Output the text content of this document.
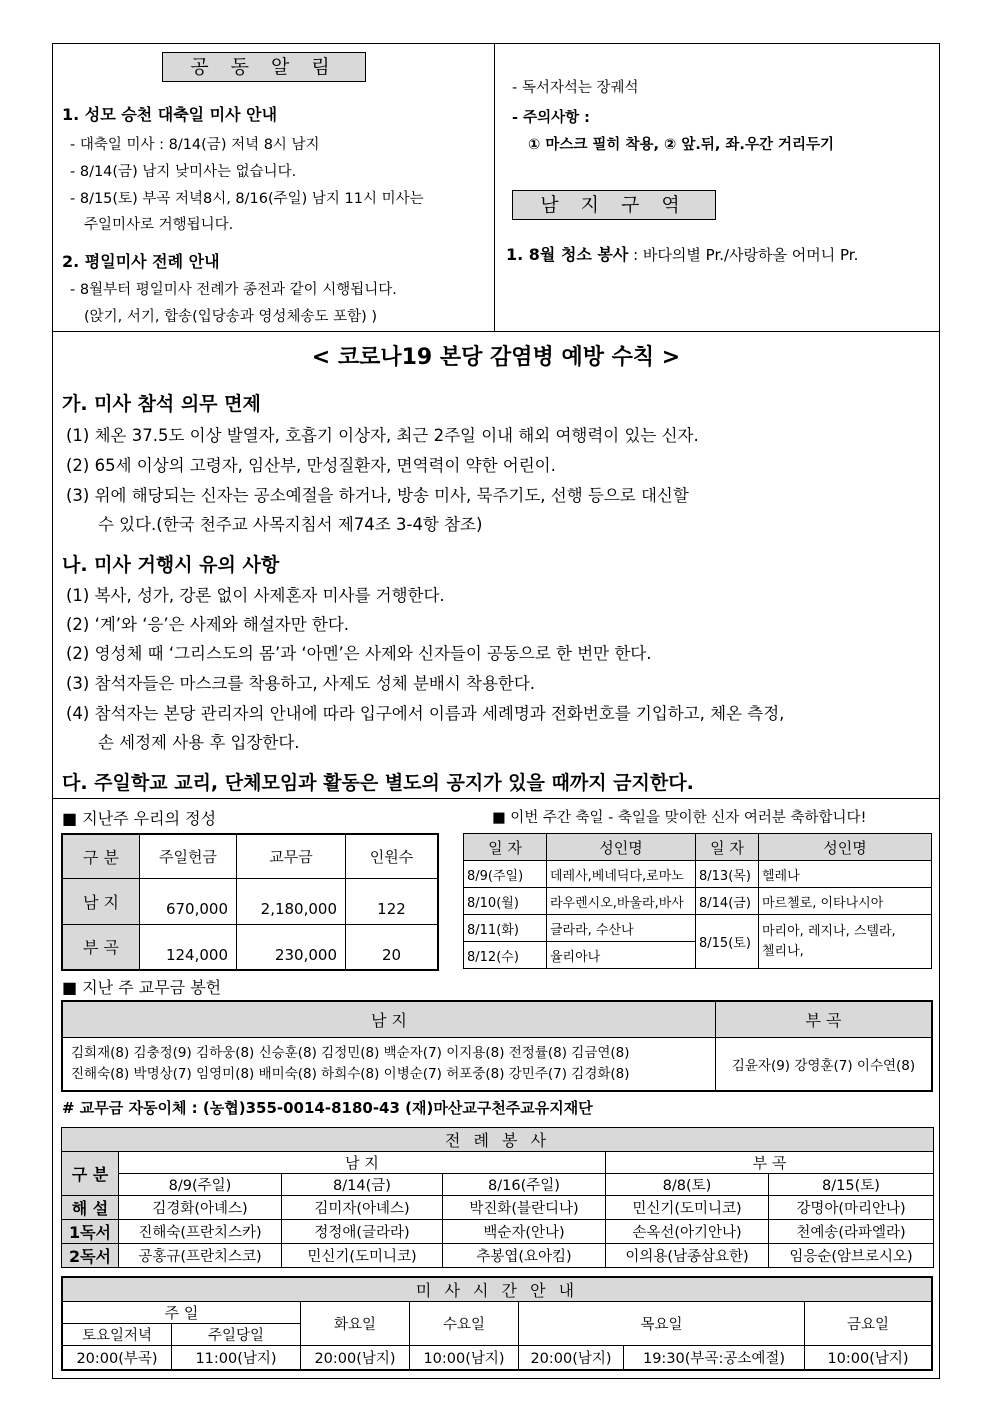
공 동 알 림
1. 성모 승천 대축일 미사 안내
- 대축일 미사 : 8/14(금) 저녁 8시 남지
- 8/14(금) 남지 낮미사는 없습니다.
- 8/15(토) 부곡 저녁8시, 8/16(주일) 남지 11시 미사는
주일미사로 거행됩니다.
2. 평일미사 전례 안내
- 8월부터 평일미사 전례가 종전과 같이 시행됩니다.
(앉기, 서기, 합송(입당송과 영성체송도 포함) )
- 독서자석는 장궤석
- 주의사항 :
① 마스크 필히 착용, ② 앞.뒤, 좌.우간 거리두기
남 지 구 역
1. 8월 청소 봉사 : 바다의별 Pr./사랑하올 어머니 Pr.
< 코로나19 본당 감염병 예방 수칙 >
가. 미사 참석 의무 면제
(1) 체온 37.5도 이상 발열자, 호흡기 이상자, 최근 2주일 이내 해외 여행력이 있는 신자.
(2) 65세 이상의 고령자, 임산부, 만성질환자, 면역력이 약한 어린이.
(3) 위에 해당되는 신자는 공소예절을 하거나, 방송 미사, 묵주기도, 선행 등으로 대신할
수 있다.(한국 천주교 사목지침서 제74조 3-4항 참조)
나. 미사 거행시 유의 사항
(1) 복사, 성가, 강론 없이 사제혼자 미사를 거행한다.
(2) ‘계’와 ‘응’은 사제와 해설자만 한다.
(2) 영성체 때 ‘그리스도의 몸’과 ‘아멘’은 사제와 신자들이 공동으로 한 번만 한다.
(3) 참석자들은 마스크를 착용하고, 사제도 성체 분배시 착용한다.
(4) 참석자는 본당 관리자의 안내에 따라 입구에서 이름과 세례명과 전화번호를 기입하고, 체온 측정,
손 세정제 사용 후 입장한다.
다. 주일학교 교리, 단체모임과 활동은 별도의 공지가 있을 때까지 금지한다.
■ 지난주 우리의 정성
구 분	주일헌금	교무금	인원수
남 지	670,000	2,180,000	122
부 곡	124,000	230,000	20
■ 이번 주간 축일 - 축일을 맞이한 신자 여러분 축하합니다!
일 자	성인명	일 자	성인명
8/9(주일)	데레사,베네딕다,로마노	8/13(목)	헬레나
8/10(월)	라우렌시오,바울라,바사	8/14(금)	마르첼로, 이타나시아
8/11(화)	글라라, 수산나	8/15(토)	마리아, 레지나, 스텔라,
첼리나,

8/12(수)	율리아나		
■ 지난 주 교무금 봉헌
남 지	부 곡

김희재(8) 김충정(9) 김하웅(8) 신승훈(8) 김정민(8) 백순자(7) 이지용(8) 전정률(8) 김금연(8)
진해숙(8) 박명상(7) 임영미(8) 배미숙(8) 하희수(8) 이병순(7) 허포중(8) 강민주(7) 김경화(8)	김윤자(9) 강영훈(7) 이수연(8)
# 교무금 자동이체 : (농협)355-0014-8180-43 (재)마산교구천주교유지재단
전 례 봉 사					
구 분	남 지			부 곡	
	8/9(주일)	8/14(금)	8/16(주일)	8/8(토)	8/15(토)
해 설	김경화(아녜스)	김미자(아녜스)	박진화(블란디나)	민신기(도미니코)	강명아(마리안나)
1독서	진해숙(프란치스카)	정정애(글라라)	백순자(안나)	손옥선(아기안나)	천예송(라파엘라)
2독서	공홍규(프란치스코)	민신기(도미니코)	추봉엽(요아킴)	이의용(남종삼요한)	임응순(암브로시오)
미 사 시 간 안 내						
주 일		화요일	수요일	목요일		금요일
토요일저녁	주일당일					
20:00(부곡)	11:00(남지)	20:00(남지)	10:00(남지)	20:00(남지)	19:30(부곡:공소예절)	10:00(남지)
